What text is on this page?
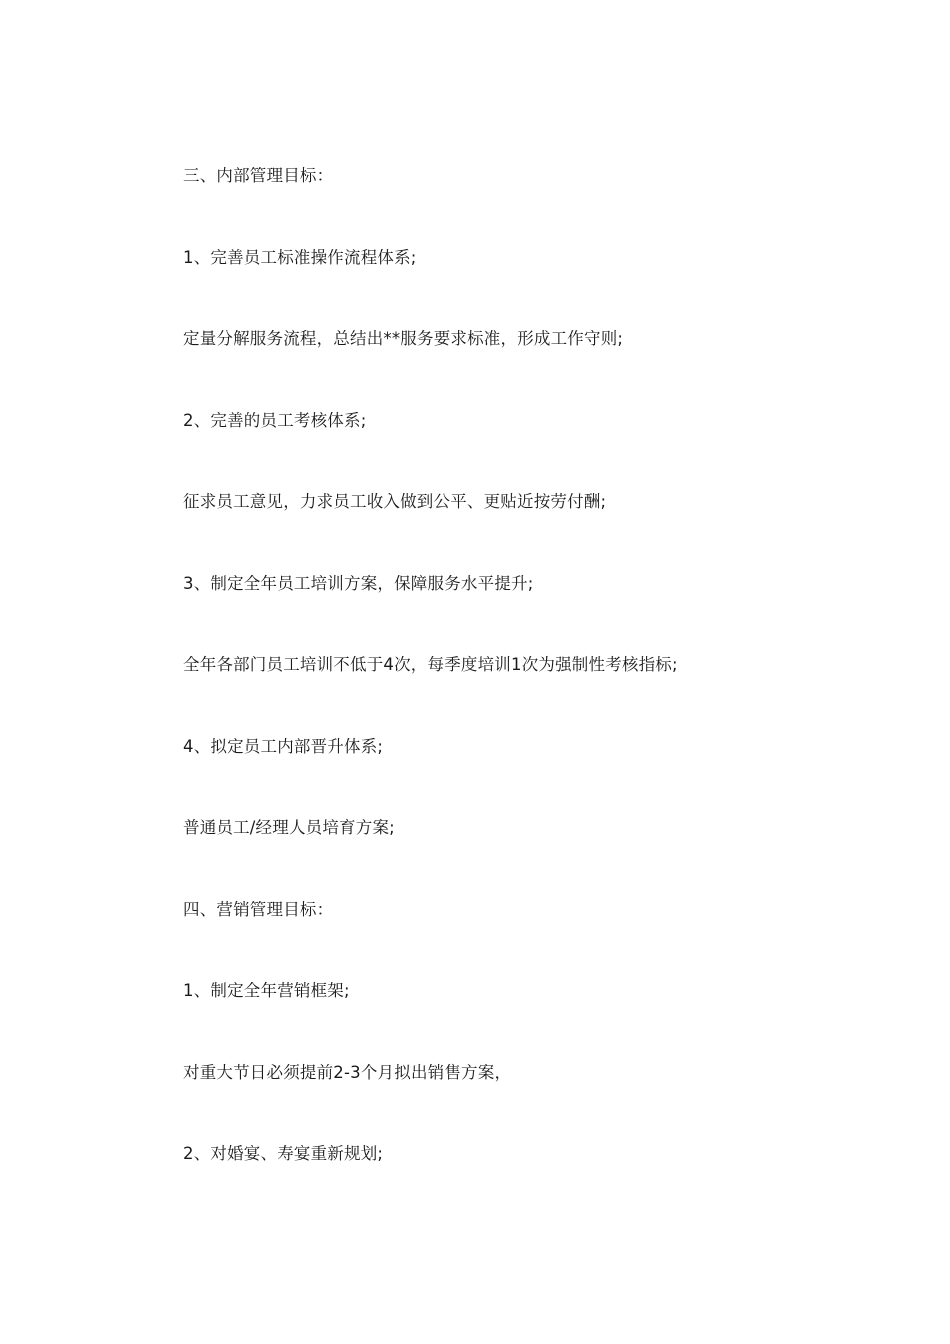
三、内部管理目标：

1、完善员工标准操作流程体系;

定量分解服务流程，总结出**服务要求标准，形成工作守则;

2、完善的员工考核体系;

征求员工意见，力求员工收入做到公平、更贴近按劳付酬;

3、制定全年员工培训方案，保障服务水平提升;

全年各部门员工培训不低于4次，每季度培训1次为强制性考核指标;

4、拟定员工内部晋升体系;

普通员工/经理人员培育方案;

四、营销管理目标：

1、制定全年营销框架;

对重大节日必须提前2-3个月拟出销售方案，

2、对婚宴、寿宴重新规划;
